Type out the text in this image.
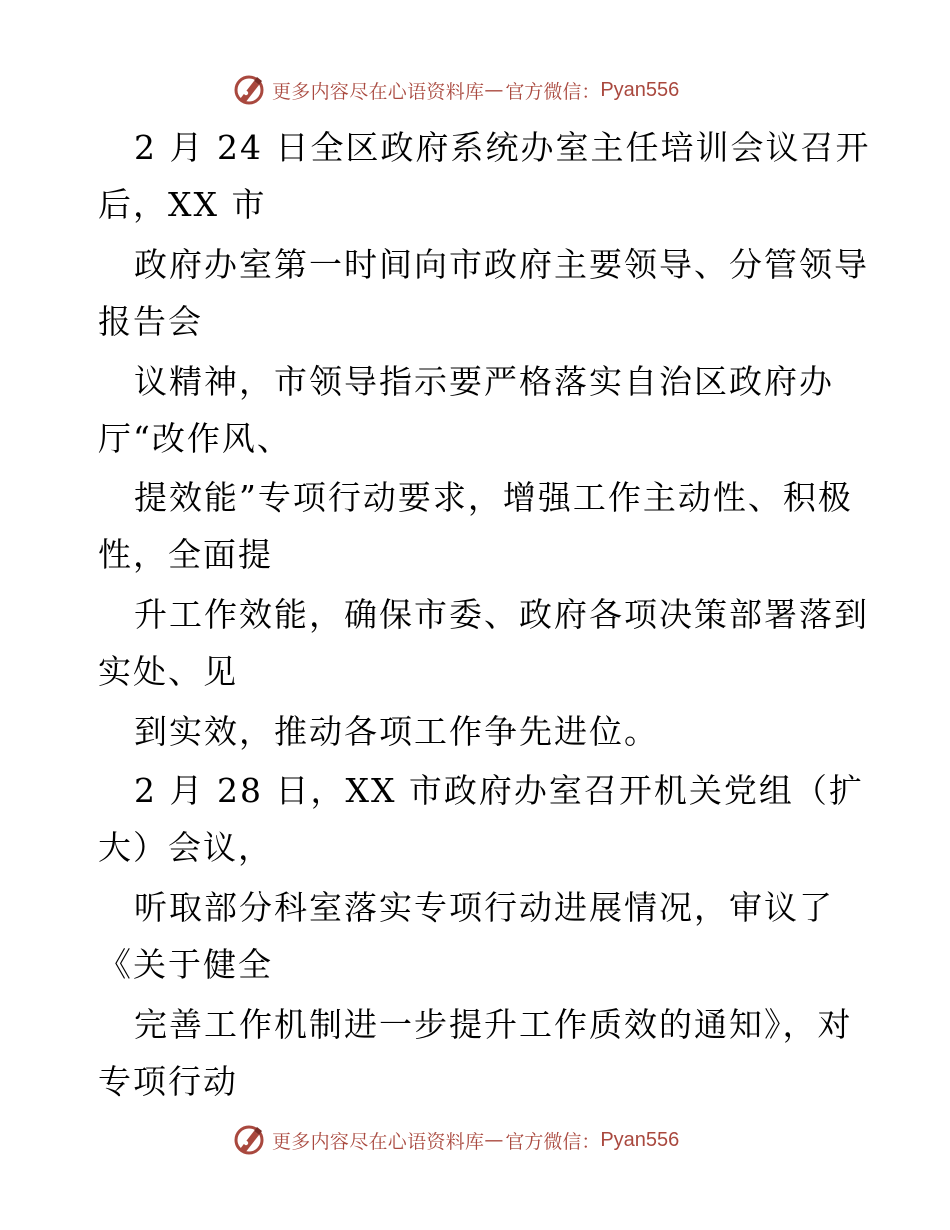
更多内容尽在心语资料库 — 官方微信： Pyan556
2 月 24 日全区政府系统办室主任培训会议召开
后，XX 市
政府办室第一时间向市政府主要领导、分管领导
报告会
议精神，市领导指示要严格落实自治区政府办
厅“改作风、
提效能”专项行动要求，增强工作主动性、积极
性，全面提
升工作效能，确保市委、政府各项决策部署落到
实处、见
到实效，推动各项工作争先进位。
2 月 28 日，XX 市政府办室召开机关党组（扩
大）会议，
听取部分科室落实专项行动进展情况，审议了
《关于健全
完善工作机制进一步提升工作质效的通知》，对
专项行动
更多内容尽在心语资料库 — 官方微信： Pyan556
